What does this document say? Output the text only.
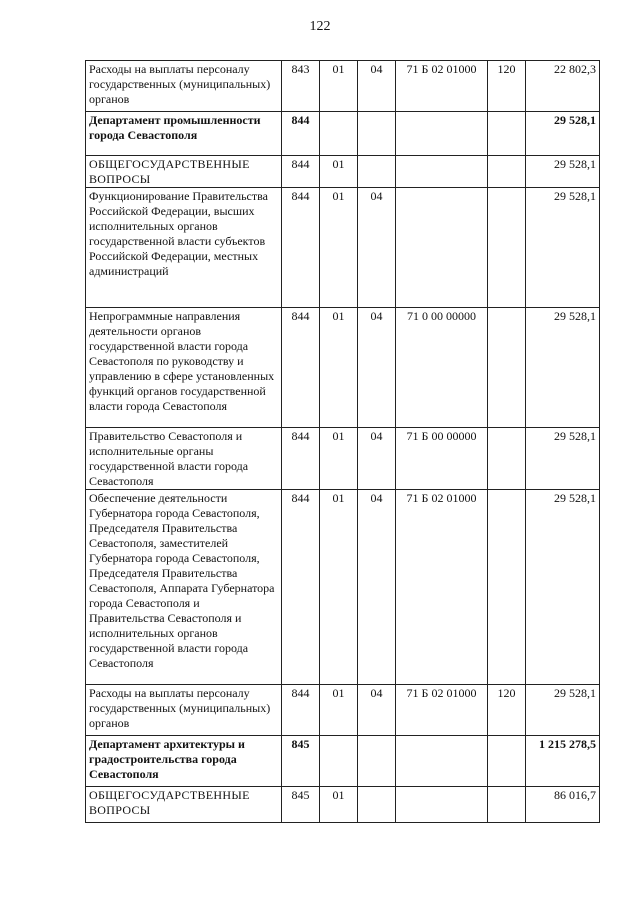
122
Расходы на выплаты персоналу государственных (муниципальных) органов	843	01	04	71 Б 02 01000	120	22 802,3
Департамент промышленности города Севастополя	844					29 528,1
ОБЩЕГОСУДАРСТВЕННЫЕ ВОПРОСЫ	844	01				29 528,1
Функционирование Правительства Российской Федерации, высших исполнительных органов государственной власти субъектов Российской Федерации, местных администраций	844	01	04			29 528,1
Непрограммные направления деятельности органов государственной власти города Севастополя по руководству и управлению в сфере установленных функций органов государственной власти города Севастополя	844	01	04	71 0 00 00000		29 528,1
Правительство Севастополя и исполнительные органы государственной власти города Севастополя	844	01	04	71 Б 00 00000		29 528,1
Обеспечение деятельности Губернатора города Севастополя, Председателя Правительства Севастополя, заместителей Губернатора города Севастополя, Председателя Правительства Севастополя, Аппарата Губернатора города Севастополя и Правительства Севастополя и исполнительных органов государственной власти города Севастополя	844	01	04	71 Б 02 01000		29 528,1
Расходы на выплаты персоналу государственных (муниципальных) органов	844	01	04	71 Б 02 01000	120	29 528,1
Департамент архитектуры и градостроительства города Севастополя	845					1 215 278,5
ОБЩЕГОСУДАРСТВЕННЫЕ ВОПРОСЫ	845	01				86 016,7
